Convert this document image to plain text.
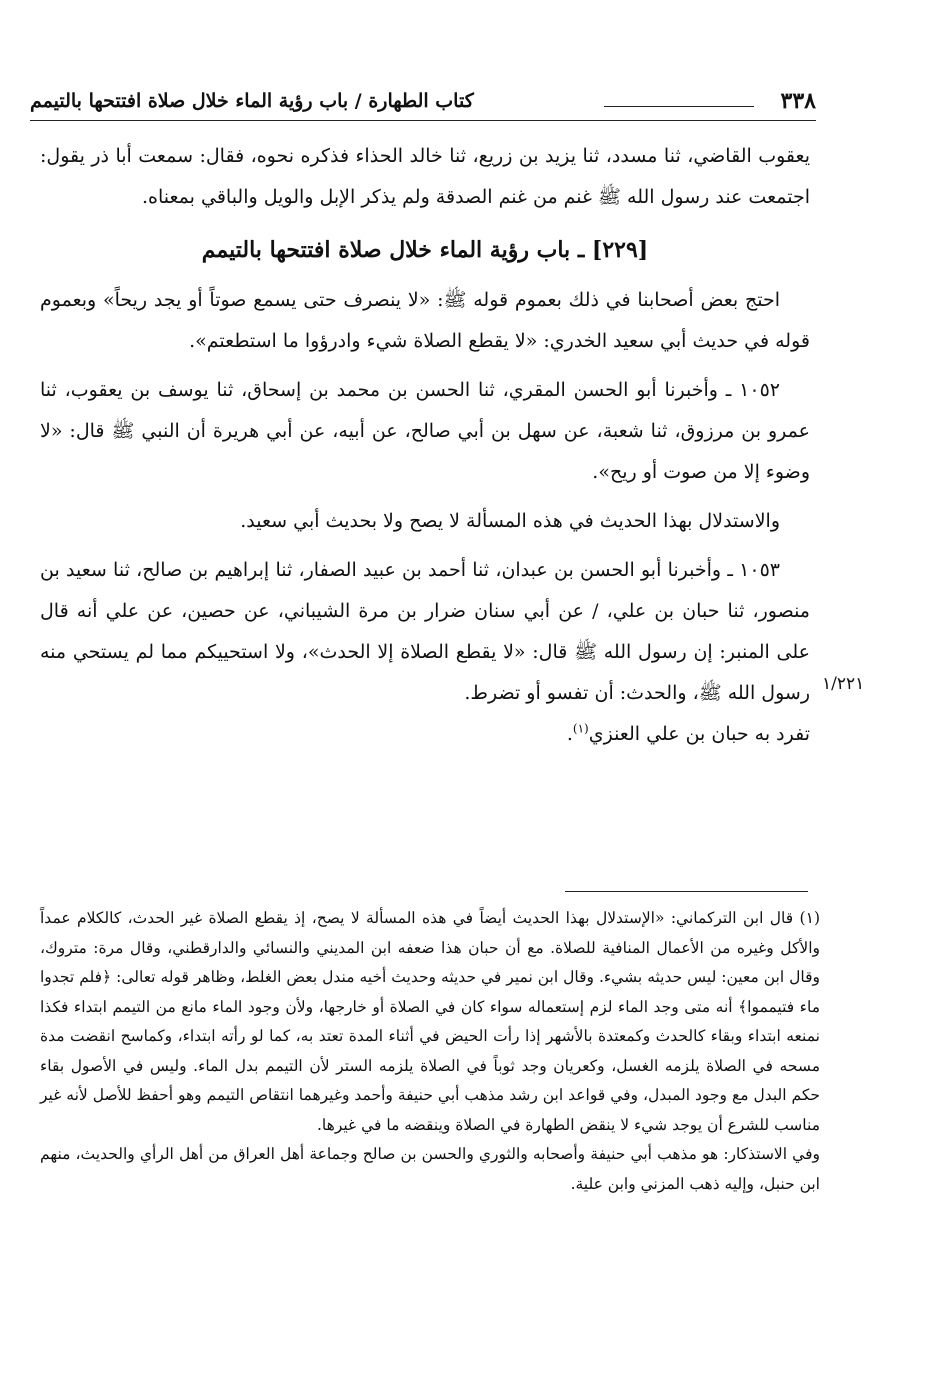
٣٣٨
كتاب الطهارة / باب رؤية الماء خلال صلاة افتتحها بالتيمم

يعقوب القاضي، ثنا مسدد، ثنا يزيد بن زريع، ثنا خالد الحذاء فذكره نحوه، فقال: سمعت أبا ذر يقول: اجتمعت عند رسول الله ﷺ غنم من غنم الصدقة ولم يذكر الإبل والويل والباقي بمعناه.

[٢٢٩] ـ باب رؤية الماء خلال صلاة افتتحها بالتيمم

احتج بعض أصحابنا في ذلك بعموم قوله ﷺ: «لا ينصرف حتى يسمع صوتاً أو يجد ريحاً» وبعموم قوله في حديث أبي سعيد الخدري: «لا يقطع الصلاة شيء وادرؤوا ما استطعتم».

١٠٥٢ ـ وأخبرنا أبو الحسن المقري، ثنا الحسن بن محمد بن إسحاق، ثنا يوسف بن يعقوب، ثنا عمرو بن مرزوق، ثنا شعبة، عن سهل بن أبي صالح، عن أبيه، عن أبي هريرة أن النبي ﷺ قال: «لا وضوء إلا من صوت أو ريح».

والاستدلال بهذا الحديث في هذه المسألة لا يصح ولا بحديث أبي سعيد.

١٠٥٣ ـ وأخبرنا أبو الحسن بن عبدان، ثنا أحمد بن عبيد الصفار، ثنا إبراهيم بن صالح، ثنا سعيد بن منصور، ثنا حبان بن علي، / عن أبي سنان ضرار بن مرة الشيباني، عن حصين، عن علي أنه قال على المنبر: إن رسول الله ﷺ قال: «لا يقطع الصلاة إلا الحدث»، ولا استحييكم مما لم يستحي منه رسول الله ﷺ، والحدث: أن تفسو أو تضرط.

تفرد به حبان بن علي العنزي$^{(١)}$.

١/٢٢١

(١) قال ابن التركماني: «الإستدلال بهذا الحديث أيضاً في هذه المسألة لا يصح، إذ يقطع الصلاة غير الحدث، كالكلام عمداً والأكل وغيره من الأعمال المنافية للصلاة. مع أن حبان هذا ضعفه ابن المديني والنسائي والدارقطني، وقال مرة: متروك، وقال ابن معين: ليس حديثه بشيء. وقال ابن نمير في حديثه وحديث أخيه مندل بعض الغلط، وظاهر قوله تعالى: ﴿فلم تجدوا ماء فتيمموا﴾ أنه متى وجد الماء لزم إستعماله سواء كان في الصلاة أو خارجها، ولأن وجود الماء مانع من التيمم ابتداء فكذا نمنعه ابتداء وبقاء كالحدث وكمعتدة بالأشهر إذا رأت الحيض في أثناء المدة تعتد به، كما لو رأته ابتداء، وكماسح انقضت مدة مسحه في الصلاة يلزمه الغسل، وكعريان وجد ثوباً في الصلاة يلزمه الستر لأن التيمم بدل الماء. وليس في الأصول بقاء حكم البدل مع وجود المبدل، وفي قواعد ابن رشد مذهب أبي حنيفة وأحمد وغيرهما انتقاص التيمم وهو أحفظ للأصل لأنه غير مناسب للشرع أن يوجد شيء لا ينقض الطهارة في الصلاة وينقضه ما في غيرها.

وفي الاستذكار: هو مذهب أبي حنيفة وأصحابه والثوري والحسن بن صالح وجماعة أهل العراق من أهل الرأي والحديث، منهم ابن حنبل، وإليه ذهب المزني وابن علية.
